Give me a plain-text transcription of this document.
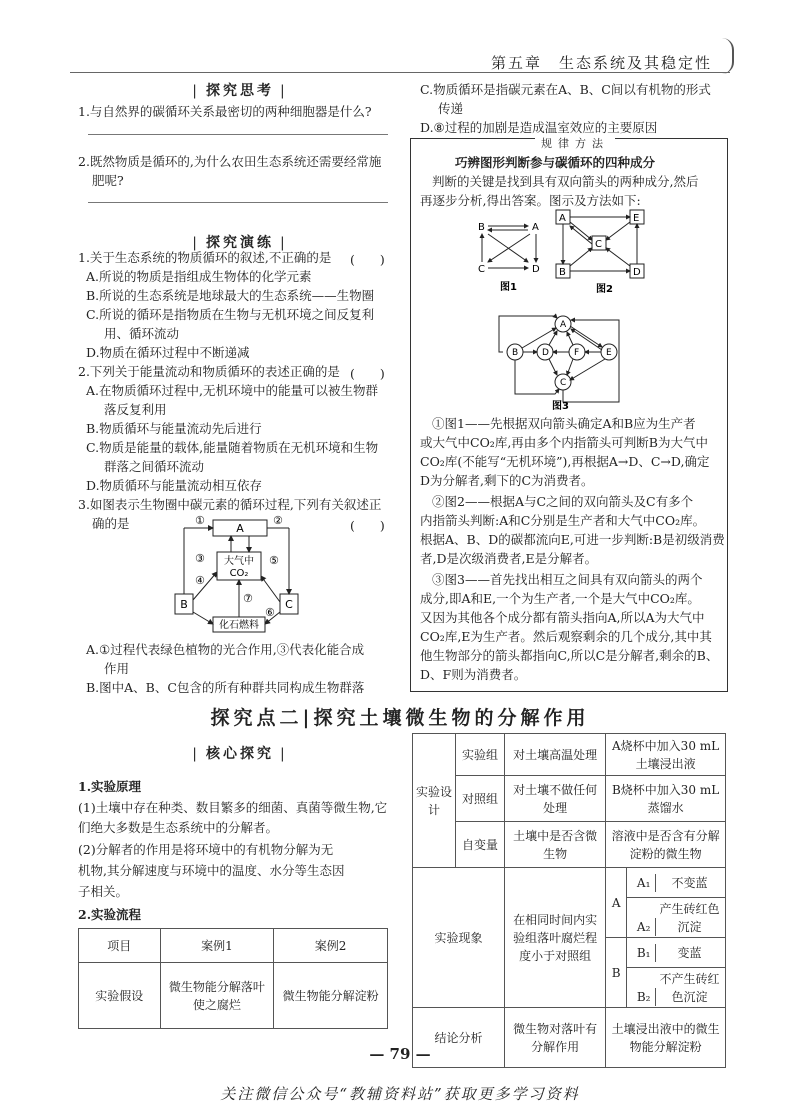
第五章　生态系统及其稳定性
| 探究思考 |
1.与自然界的碳循环关系最密切的两种细胞器是什么?
2.既然物质是循环的,为什么农田生态系统还需要经常施
肥呢?
| 探究演练 |
1.关于生态系统的物质循环的叙述,不正确的是 (　　)
A.所说的物质是指组成生物体的化学元素
B.所说的生态系统是地球最大的生态系统——生物圈
C.所说的循环是指物质在生物与无机环境之间反复利
用、循环流动
D.物质在循环过程中不断递减
2.下列关于能量流动和物质循环的表述正确的是 (　　)
A.在物质循环过程中,无机环境中的能量可以被生物群
落反复利用
B.物质循环与能量流动先后进行
C.物质是能量的载体,能量随着物质在无机环境和生物
群落之间循环流动
D.物质循环与能量流动相互依存
3.如图表示生物圈中碳元素的循环过程,下列有关叙述正
确的是	(　　)
A
大气中
CO₂
B	C
化石燃料
①	②
③
④
⑤
⑥
⑦
A.①过程代表绿色植物的光合作用,③代表化能合成
作用
B.图中A、B、C包含的所有种群共同构成生物群落
C.物质循环是指碳元素在A、B、C间以有机物的形式
传递
D.⑧过程的加剧是造成温室效应的主要原因
规律方法
巧辨图形判断参与碳循环的四种成分
判断的关键是找到具有双向箭头的两种成分,然后
再逐步分析,得出答案。图示及方法如下:
B	A
C	D
图1
A	E
C
B	D
图2
A
B	D	F	E
C
图3
①图1——先根据双向箭头确定A和B应为生产者
或大气中CO₂库,再由多个内指箭头可判断B为大气中
CO₂库(不能写“无机环境”),再根据A→D、C→D,确定
D为分解者,剩下的C为消费者。
②图2——根据A与C之间的双向箭头及C有多个
内指箭头判断:A和C分别是生产者和大气中CO₂库。
根据A、B、D的碳都流向E,可进一步判断:B是初级消费
者,D是次级消费者,E是分解者。
③图3——首先找出相互之间具有双向箭头的两个
成分,即A和E,一个为生产者,一个是大气中CO₂库。
又因为其他各个成分都有箭头指向A,所以A为大气中
CO₂库,E为生产者。然后观察剩余的几个成分,其中其
他生物部分的箭头都指向C,所以C是分解者,剩余的B、
D、F则为消费者。
探究点二|探究土壤微生物的分解作用
| 核心探究 |
1.实验原理
(1)土壤中存在种类、数目繁多的细菌、真菌等微生物,它
们绝大多数是生态系统中的分解者。
(2)分解者的作用是将环境中的有机物分解为无
机物,其分解速度与环境中的温度、水分等生态因
子相关。
2.实验流程
项目	案例1	案例2
实验假设	微生物能分解落叶使之腐烂	微生物能分解淀粉
实验设计	实验组	对土壤高温处理	A烧杯中加入30 mL土壤浸出液	
	对照组	对土壤不做任何处理	B烧杯中加入30 mL蒸馏水	
	自变量	土壤中是否含微生物	溶液中是否含有分解淀粉的微生物	
实验现象		在相同时间内实验组落叶腐烂程度小于对照组	A	A₁ 不变蓝
				A₂ 产生砖红色沉淀
			B	B₁ 变蓝
				B₂ 不产生砖红色沉淀
结论分析		微生物对落叶有分解作用	土壤浸出液中的微生物能分解淀粉	
— 79 —
关注微信公众号“教辅资料站”获取更多学习资料
